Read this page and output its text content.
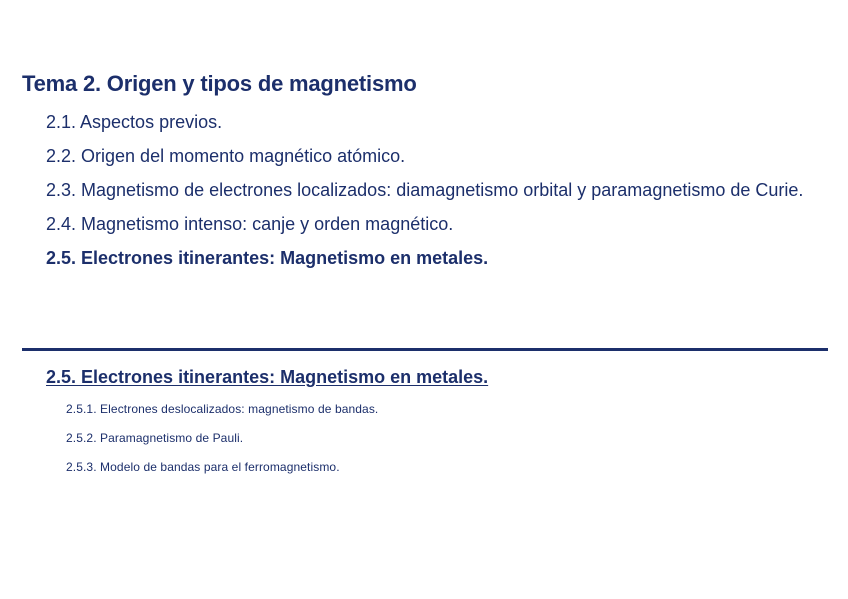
Tema 2. Origen y tipos de magnetismo
2.1. Aspectos previos.
2.2. Origen del momento magnético atómico.
2.3. Magnetismo de electrones localizados: diamagnetismo orbital y paramagnetismo de Curie.
2.4. Magnetismo intenso: canje y orden magnético.
2.5. Electrones itinerantes: Magnetismo en metales.
2.5. Electrones itinerantes: Magnetismo en metales.
2.5.1. Electrones deslocalizados: magnetismo de bandas.
2.5.2. Paramagnetismo de Pauli.
2.5.3. Modelo de bandas para el ferromagnetismo.
